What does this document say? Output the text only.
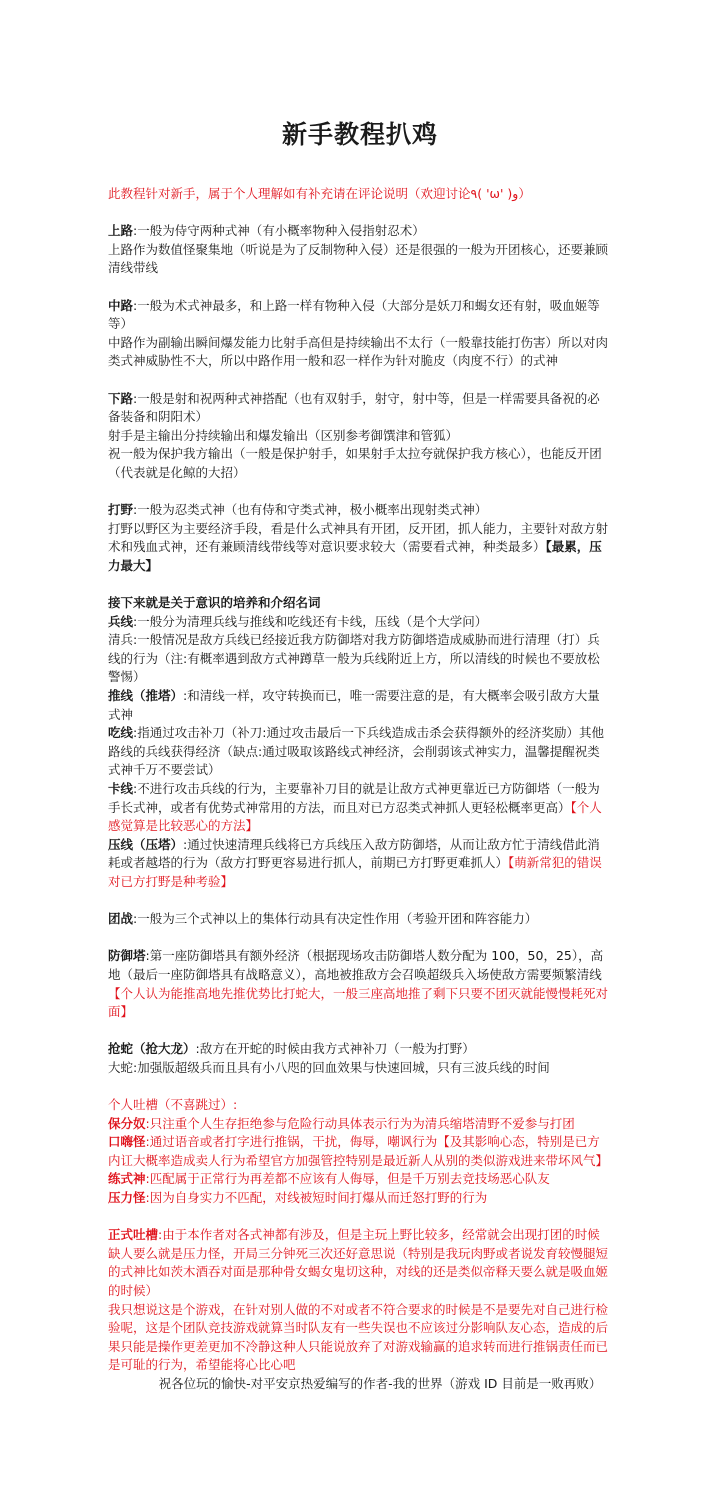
新手教程扒鸡

此教程针对新手，属于个人理解如有补充请在评论说明（欢迎讨论٩( 'ω' )و）

上路:一般为侍守两种式神（有小概率物种入侵指射忍术）

上路作为数值怪聚集地（听说是为了反制物种入侵）还是很强的一般为开团核心，还要兼顾清线带线

中路:一般为术式神最多，和上路一样有物种入侵（大部分是妖刀和蝎女还有射，吸血姬等等）

中路作为副输出瞬间爆发能力比射手高但是持续输出不太行（一般靠技能打伤害）所以对肉类式神威胁性不大，所以中路作用一般和忍一样作为针对脆皮（肉度不行）的式神

下路:一般是射和祝两种式神搭配（也有双射手，射守，射中等，但是一样需要具备祝的必备装备和阴阳术）

射手是主输出分持续输出和爆发输出（区别参考御馔津和管狐）

祝一般为保护我方输出（一般是保护射手，如果射手太拉夸就保护我方核心），也能反开团（代表就是化鲸的大招）

打野:一般为忍类式神（也有侍和守类式神，极小概率出现射类式神）

打野以野区为主要经济手段，看是什么式神具有开团，反开团，抓人能力，主要针对敌方射术和残血式神，还有兼顾清线带线等对意识要求较大（需要看式神，种类最多）【最累，压力最大】

接下来就是关于意识的培养和介绍名词

兵线:一般分为清理兵线与推线和吃线还有卡线，压线（是个大学问）

清兵:一般情况是敌方兵线已经接近我方防御塔对我方防御塔造成威胁而进行清理（打）兵线的行为（注:有概率遇到敌方式神蹲草一般为兵线附近上方，所以清线的时候也不要放松警惕）

推线（推塔）:和清线一样，攻守转换而已，唯一需要注意的是，有大概率会吸引敌方大量式神

吃线:指通过攻击补刀（补刀:通过攻击最后一下兵线造成击杀会获得额外的经济奖励）其他路线的兵线获得经济（缺点:通过吸取该路线式神经济，会削弱该式神实力，温馨提醒祝类式神千万不要尝试）

卡线:不进行攻击兵线的行为，主要靠补刀目的就是让敌方式神更靠近已方防御塔（一般为手长式神，或者有优势式神常用的方法，而且对已方忍类式神抓人更轻松概率更高）【个人感觉算是比较恶心的方法】

压线（压塔）:通过快速清理兵线将已方兵线压入敌方防御塔，从而让敌方忙于清线借此消耗或者越塔的行为（敌方打野更容易进行抓人，前期已方打野更难抓人）【萌新常犯的错误对已方打野是种考验】

团战:一般为三个式神以上的集体行动具有决定性作用（考验开团和阵容能力）

防御塔:第一座防御塔具有额外经济（根据现场攻击防御塔人数分配为 100，50，25），高地（最后一座防御塔具有战略意义），高地被推敌方会召唤超级兵入场使敌方需要频繁清线【个人认为能推高地先推优势比打蛇大，一般三座高地推了剩下只要不团灭就能慢慢耗死对面】

抢蛇（抢大龙）:敌方在开蛇的时候由我方式神补刀（一般为打野）

大蛇:加强版超级兵而且具有小八咫的回血效果与快速回城，只有三波兵线的时间

个人吐槽（不喜跳过）:

保分奴:只注重个人生存拒绝参与危险行动具体表示行为为清兵缩塔清野不爱参与打团

口嗨怪:通过语音或者打字进行推锅，干扰，侮辱，嘲讽行为【及其影响心态，特别是已方内讧大概率造成卖人行为希望官方加强管控特别是最近新人从别的类似游戏进来带坏风气】

练式神:匹配属于正常行为再差都不应该有人侮辱，但是千万别去竞技场恶心队友

压力怪:因为自身实力不匹配，对线被短时间打爆从而迁怒打野的行为

正式吐槽:由于本作者对各式神都有涉及，但是主玩上野比较多，经常就会出现打团的时候缺人要么就是压力怪，开局三分钟死三次还好意思说（特别是我玩肉野或者说发育较慢腿短的式神比如茨木酒吞对面是那种骨女蝎女鬼切这种，对线的还是类似帝释天要么就是吸血姬的时候）

我只想说这是个游戏，在针对别人做的不对或者不符合要求的时候是不是要先对自己进行检验呢，这是个团队竞技游戏就算当时队友有一些失误也不应该过分影响队友心态，造成的后果只能是操作更差更加不冷静这种人只能说放弃了对游戏输赢的追求转而进行推锅责任而已是可耻的行为，希望能将心比心吧

祝各位玩的愉快-对平安京热爱编写的作者-我的世界（游戏 ID 目前是一败再败）
